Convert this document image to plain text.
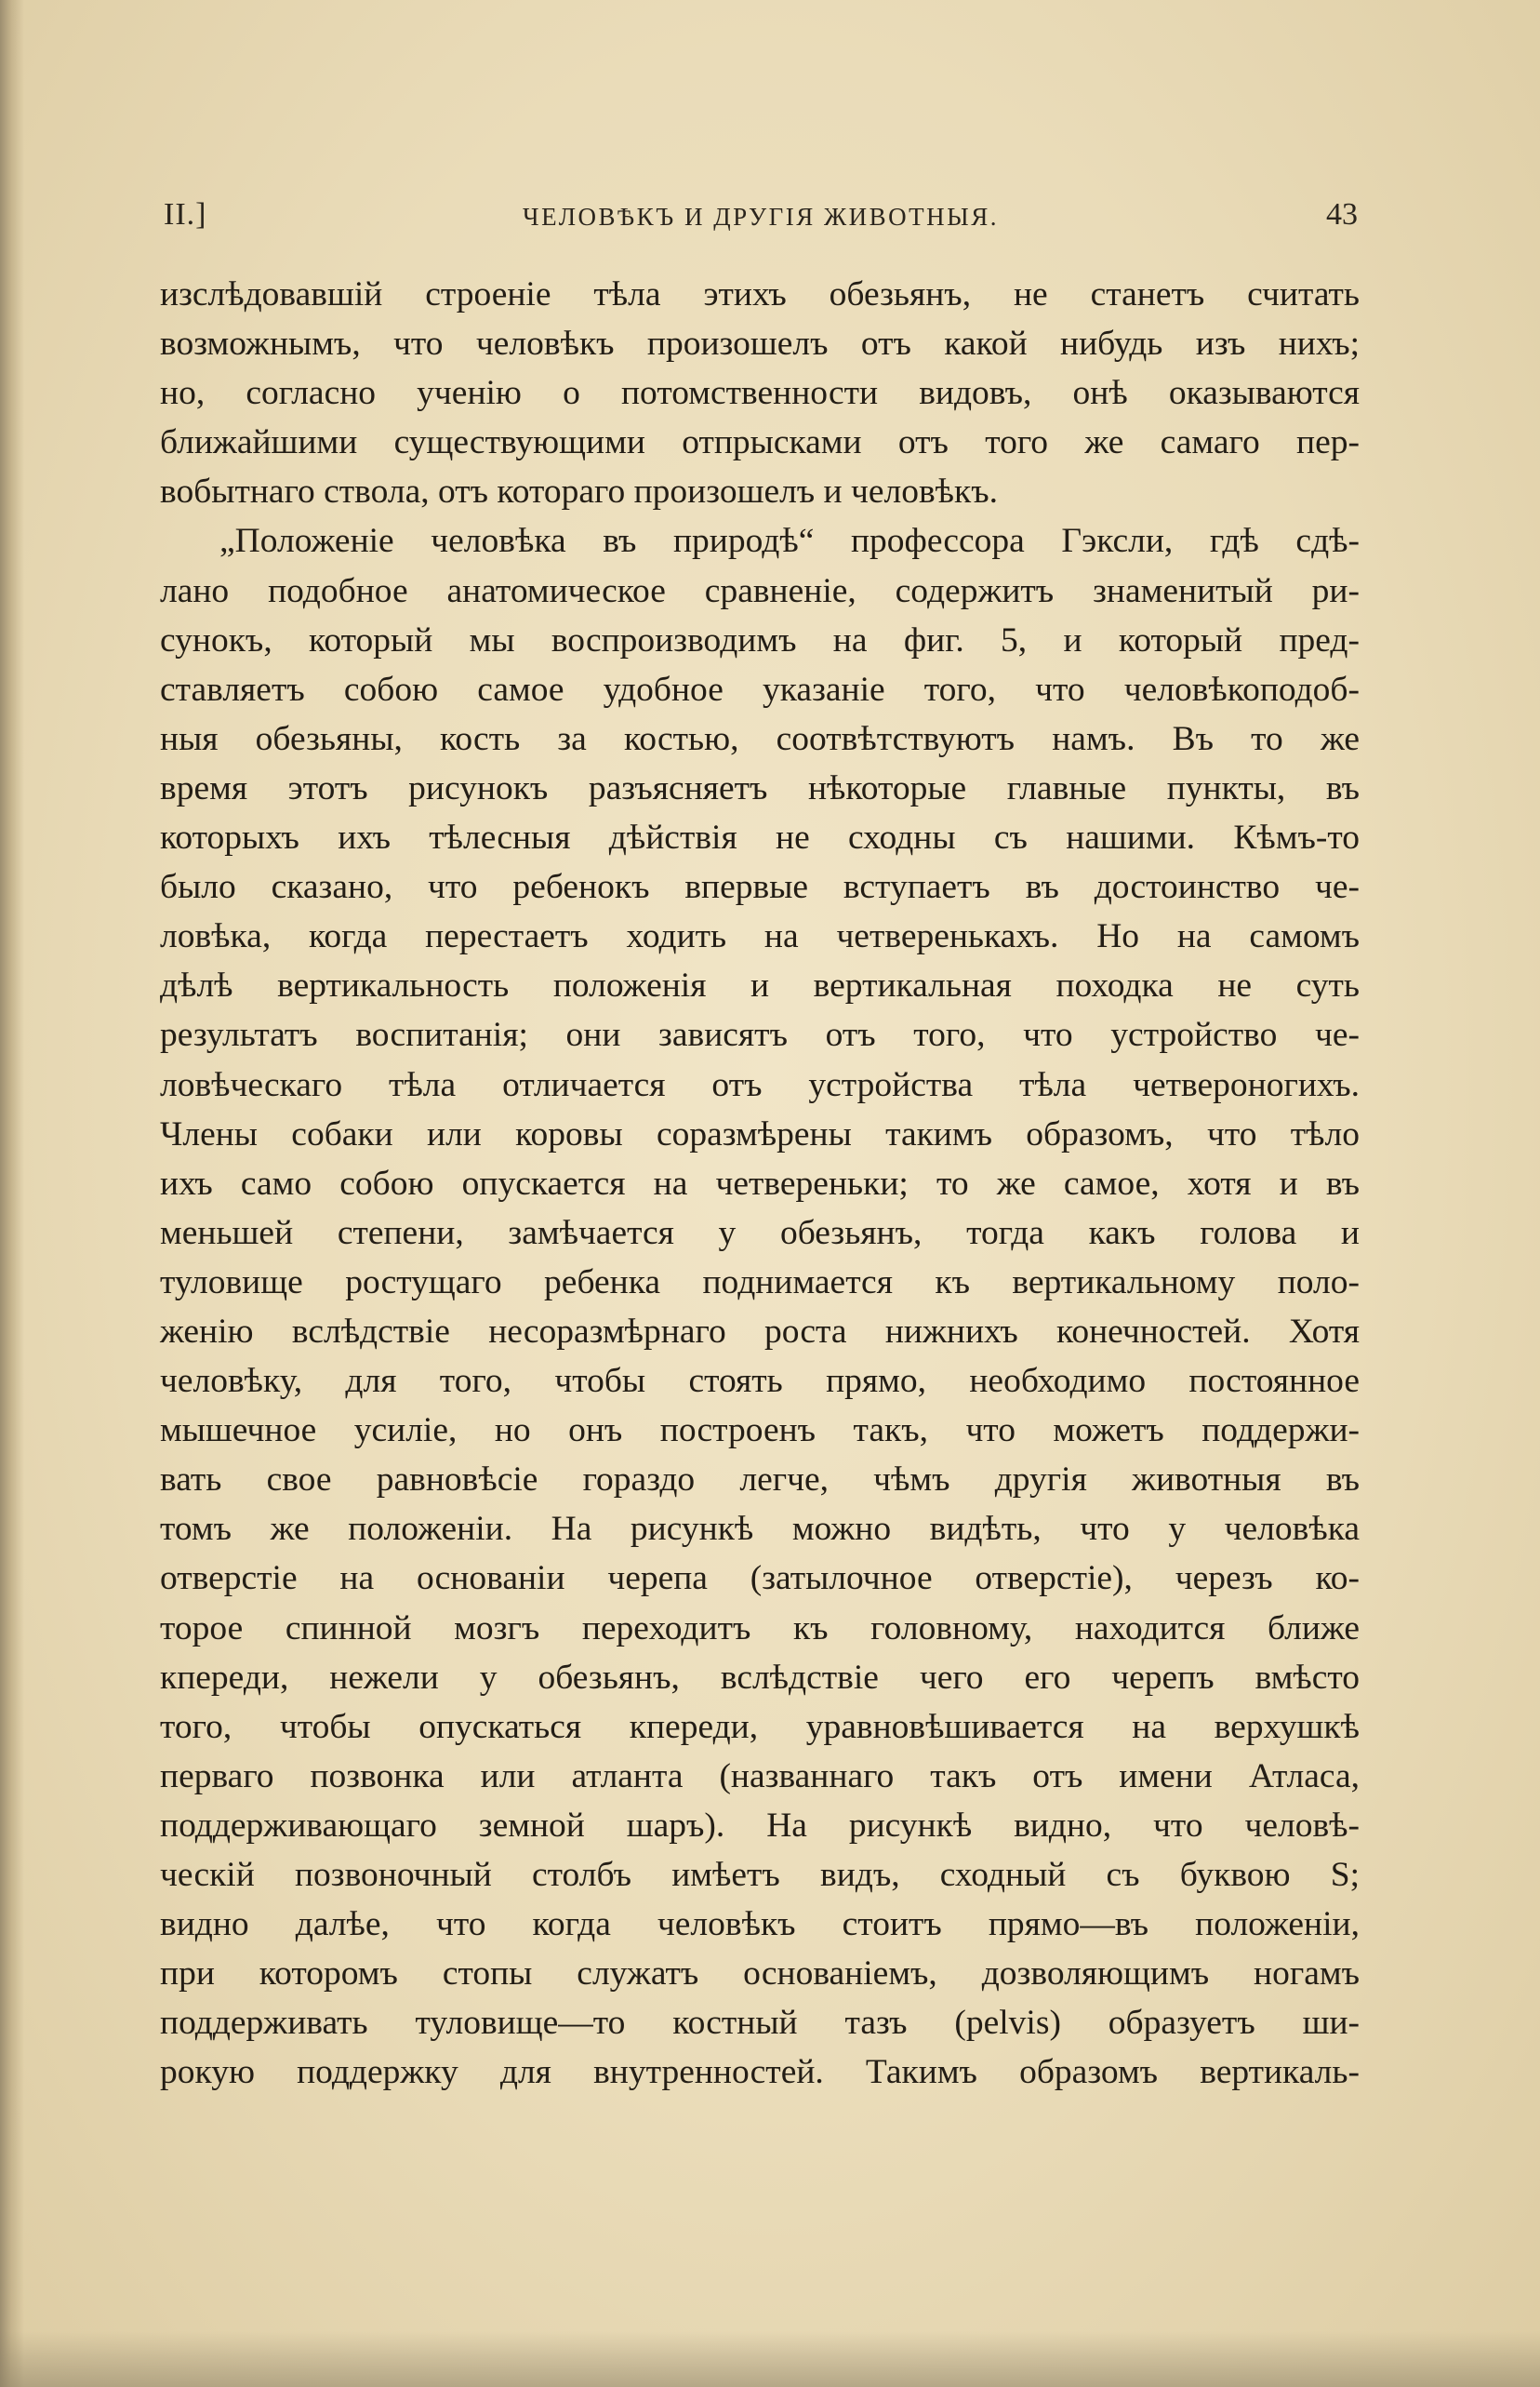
II.]	ЧЕЛОВѢКЪ И ДРУГІЯ ЖИВОТНЫЯ.	43
изслѣдовавшій строеніе тѣла этихъ обезьянъ, не станетъ считать
возможнымъ, что человѣкъ произошелъ отъ какой нибудь изъ нихъ;
но, согласно ученію о потомственности видовъ, онѣ оказываются
ближайшими существующими отпрысками отъ того же самаго пер-
вобытнаго ствола, отъ котораго произошелъ и человѣкъ.
„Положеніе человѣка въ природѣ“ профессора Гэксли, гдѣ сдѣ-
лано подобное анатомическое сравненіе, содержитъ знаменитый ри-
сунокъ, который мы воспроизводимъ на фиг. 5, и который пред-
ставляетъ собою самое удобное указаніе того, что человѣкоподоб-
ныя обезьяны, кость за костью, соотвѣтствуютъ намъ. Въ то же
время этотъ рисунокъ разъясняетъ нѣкоторые главные пункты, въ
которыхъ ихъ тѣлесныя дѣйствія не сходны съ нашими. Кѣмъ-то
было сказано, что ребенокъ впервые вступаетъ въ достоинство че-
ловѣка, когда перестаетъ ходить на четверенькахъ. Но на самомъ
дѣлѣ вертикальность положенія и вертикальная походка не суть
результатъ воспитанія; они зависятъ отъ того, что устройство че-
ловѣческаго тѣла отличается отъ устройства тѣла четвероногихъ.
Члены собаки или коровы соразмѣрены такимъ образомъ, что тѣло
ихъ само собою опускается на четвереньки; то же самое, хотя и въ
меньшей степени, замѣчается у обезьянъ, тогда какъ голова и
туловище ростущаго ребенка поднимается къ вертикальному поло-
женію вслѣдствіе несоразмѣрнаго роста нижнихъ конечностей. Хотя
человѣку, для того, чтобы стоять прямо, необходимо постоянное
мышечное усиліе, но онъ построенъ такъ, что можетъ поддержи-
вать свое равновѣсіе гораздо легче, чѣмъ другія животныя въ
томъ же положеніи. На рисункѣ можно видѣть, что у человѣка
отверстіе на основаніи черепа (затылочное отверстіе), черезъ ко-
торое спинной мозгъ переходитъ къ головному, находится ближе
кпереди, нежели у обезьянъ, вслѣдствіе чего его черепъ вмѣсто
того, чтобы опускаться кпереди, уравновѣшивается на верхушкѣ
перваго позвонка или атланта (названнаго такъ отъ имени Атласа,
поддерживающаго земной шаръ). На рисункѣ видно, что человѣ-
ческій позвоночный столбъ имѣетъ видъ, сходный съ буквою S;
видно далѣе, что когда человѣкъ стоитъ прямо—въ положеніи,
при которомъ стопы служатъ основаніемъ, дозволяющимъ ногамъ
поддерживать туловище—то костный тазъ (pelvis) образуетъ ши-
рокую поддержку для внутренностей. Такимъ образомъ вертикаль-
